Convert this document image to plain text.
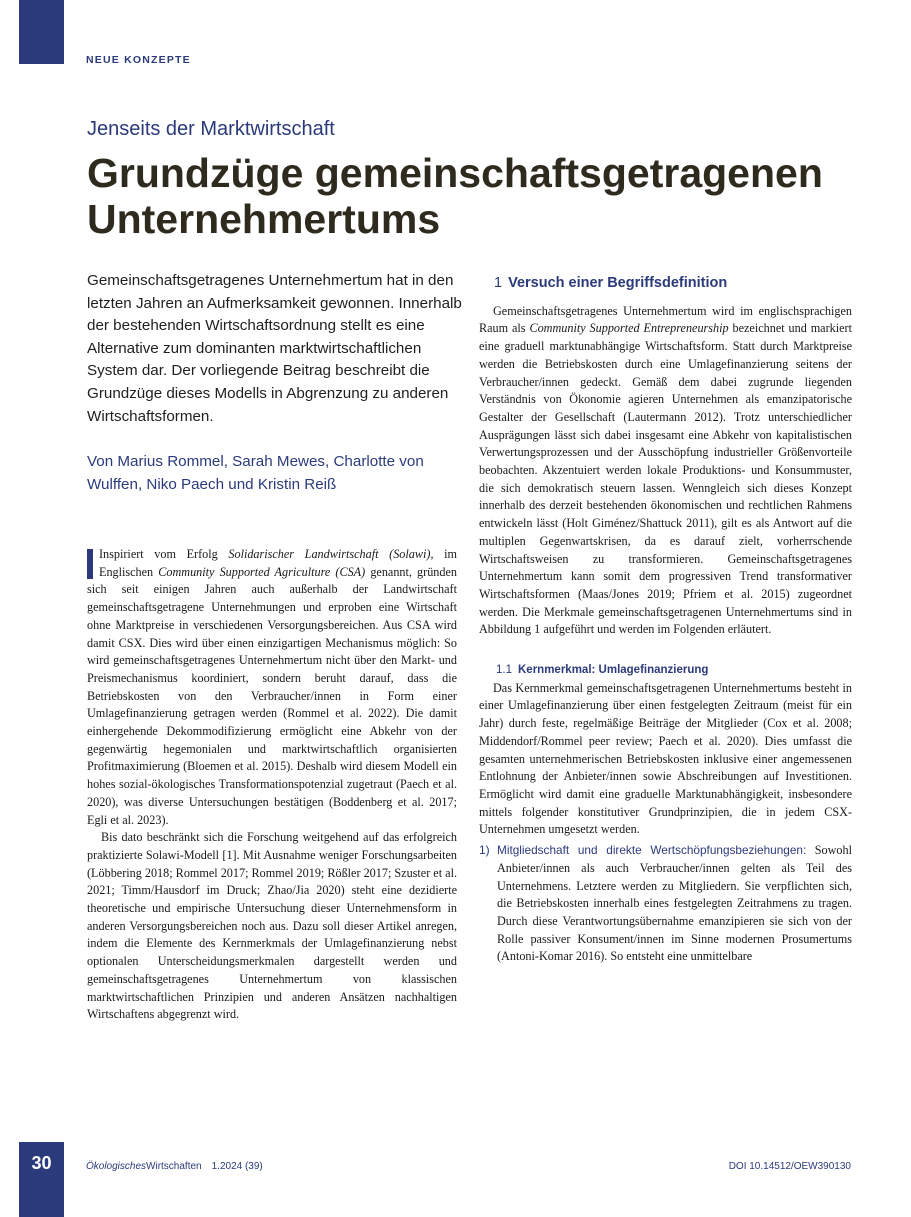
NEUE KONZEPTE
Jenseits der Marktwirtschaft
Grundzüge gemeinschaftsgetragenen Unternehmertums

Gemeinschaftsgetragenes Unternehmertum hat in den letzten Jahren an Aufmerksamkeit gewonnen. Innerhalb der bestehenden Wirtschaftsordnung stellt es eine Alternative zum dominanten marktwirtschaftlichen System dar. Der vorliegende Beitrag beschreibt die Grundzüge dieses Modells in Abgrenzung zu anderen Wirtschaftsformen.

Von Marius Rommel, Sarah Mewes, Charlotte von Wulffen, Niko Paech und Kristin Reiß

Inspiriert vom Erfolg Solidarischer Landwirtschaft (Solawi), im Englischen Community Supported Agriculture (CSA) genannt, gründen sich seit einigen Jahren auch außerhalb der Landwirtschaft gemeinschaftsgetragene Unternehmungen und erproben eine Wirtschaft ohne Marktpreise in verschiedenen Versorgungsbereichen. Aus CSA wird damit CSX. Dies wird über einen einzigartigen Mechanismus möglich: So wird gemeinschaftsgetragenes Unternehmertum nicht über den Markt- und Preismechanismus koordiniert, sondern beruht darauf, dass die Betriebskosten von den Verbraucher/innen in Form einer Umlagefinanzierung getragen werden (Rommel et al. 2022). Die damit einhergehende Dekommodifizierung ermöglicht eine Abkehr von der gegenwärtig hegemonialen und marktwirtschaftlich organisierten Profitmaximierung (Bloemen et al. 2015). Deshalb wird diesem Modell ein hohes sozial-ökologisches Transformationspotenzial zugetraut (Paech et al. 2020), was diverse Untersuchungen bestätigen (Boddenberg et al. 2017; Egli et al. 2023).

Bis dato beschränkt sich die Forschung weitgehend auf das erfolgreich praktizierte Solawi-Modell [1]. Mit Ausnahme weniger Forschungsarbeiten (Löbbering 2018; Rommel 2017; Rommel 2019; Rößler 2017; Szuster et al. 2021; Timm/Hausdorf im Druck; Zhao/Jia 2020) steht eine dezidierte theoretische und empirische Untersuchung dieser Unternehmensform in anderen Versorgungsbereichen noch aus. Dazu soll dieser Artikel anregen, indem die Elemente des Kernmerkmals der Umlagefinanzierung nebst optionalen Unterscheidungsmerkmalen dargestellt werden und gemeinschaftsgetragenes Unternehmertum von klassischen marktwirtschaftlichen Prinzipien und anderen Ansätzen nachhaltigen Wirtschaftens abgegrenzt wird.

1 Versuch einer Begriffsdefinition

Gemeinschaftsgetragenes Unternehmertum wird im englischsprachigen Raum als Community Supported Entrepreneurship bezeichnet und markiert eine graduell marktunabhängige Wirtschaftsform. Statt durch Marktpreise werden die Betriebskosten durch eine Umlagefinanzierung seitens der Verbraucher/innen gedeckt. Gemäß dem dabei zugrunde liegenden Verständnis von Ökonomie agieren Unternehmen als emanzipatorische Gestalter der Gesellschaft (Lautermann 2012). Trotz unterschiedlicher Ausprägungen lässt sich dabei insgesamt eine Abkehr von kapitalistischen Verwertungsprozessen und der Ausschöpfung industrieller Größenvorteile beobachten. Akzentuiert werden lokale Produktions- und Konsummuster, die sich demokratisch steuern lassen. Wenngleich sich dieses Konzept innerhalb des derzeit bestehenden ökonomischen und rechtlichen Rahmens entwickeln lässt (Holt Giménez/Shattuck 2011), gilt es als Antwort auf die multiplen Gegenwartskrisen, da es darauf zielt, vorherrschende Wirtschaftsweisen zu transformieren. Gemeinschaftsgetragenes Unternehmertum kann somit dem progressiven Trend transformativer Wirtschaftsformen (Maas/Jones 2019; Pfriem et al. 2015) zugeordnet werden. Die Merkmale gemeinschaftsgetragenen Unternehmertums sind in Abbildung 1 aufgeführt und werden im Folgenden erläutert.

1.1 Kernmerkmal: Umlagefinanzierung

Das Kernmerkmal gemeinschaftsgetragenen Unternehmertums besteht in einer Umlagefinanzierung über einen festgelegten Zeitraum (meist für ein Jahr) durch feste, regelmäßige Beiträge der Mitglieder (Cox et al. 2008; Middendorf/Rommel peer review; Paech et al. 2020). Dies umfasst die gesamten unternehmerischen Betriebskosten inklusive einer angemessenen Entlohnung der Anbieter/innen sowie Abschreibungen auf Investitionen. Ermöglicht wird damit eine graduelle Marktunabhängigkeit, insbesondere mittels folgender konstitutiver Grundprinzipien, die in jedem CSX-Unternehmen umgesetzt werden.

1) Mitgliedschaft und direkte Wertschöpfungsbeziehungen: Sowohl Anbieter/innen als auch Verbraucher/innen gelten als Teil des Unternehmens. Letztere werden zu Mitgliedern. Sie verpflichten sich, die Betriebskosten innerhalb eines festgelegten Zeitrahmens zu tragen. Durch diese Verantwortungsübernahme emanzipieren sie sich von der Rolle passiver Konsument/innen im Sinne modernen Prosumertums (Antoni-Komar 2016). So entsteht eine unmittelbare
30	ÖkologischesWirtschaften 1.2024 (39)	DOI 10.14512/OEW390130
